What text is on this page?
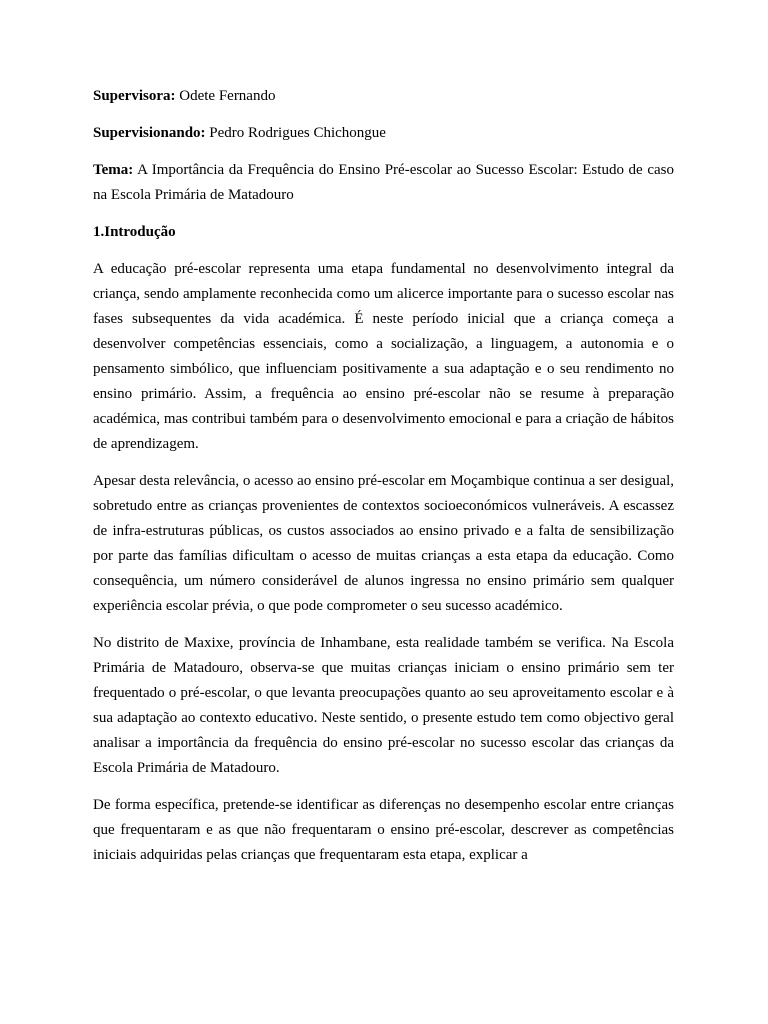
Supervisora: Odete Fernando
Supervisionando: Pedro Rodrigues Chichongue
Tema: A Importância da Frequência do Ensino Pré-escolar ao Sucesso Escolar: Estudo de caso na Escola Primária de Matadouro
1.Introdução

A educação pré-escolar representa uma etapa fundamental no desenvolvimento integral da criança, sendo amplamente reconhecida como um alicerce importante para o sucesso escolar nas fases subsequentes da vida académica. É neste período inicial que a criança começa a desenvolver competências essenciais, como a socialização, a linguagem, a autonomia e o pensamento simbólico, que influenciam positivamente a sua adaptação e o seu rendimento no ensino primário. Assim, a frequência ao ensino pré-escolar não se resume à preparação académica, mas contribui também para o desenvolvimento emocional e para a criação de hábitos de aprendizagem.

Apesar desta relevância, o acesso ao ensino pré-escolar em Moçambique continua a ser desigual, sobretudo entre as crianças provenientes de contextos socioeconómicos vulneráveis. A escassez de infra-estruturas públicas, os custos associados ao ensino privado e a falta de sensibilização por parte das famílias dificultam o acesso de muitas crianças a esta etapa da educação. Como consequência, um número considerável de alunos ingressa no ensino primário sem qualquer experiência escolar prévia, o que pode comprometer o seu sucesso académico.

No distrito de Maxixe, província de Inhambane, esta realidade também se verifica. Na Escola Primária de Matadouro, observa-se que muitas crianças iniciam o ensino primário sem ter frequentado o pré-escolar, o que levanta preocupações quanto ao seu aproveitamento escolar e à sua adaptação ao contexto educativo. Neste sentido, o presente estudo tem como objectivo geral analisar a importância da frequência do ensino pré-escolar no sucesso escolar das crianças da Escola Primária de Matadouro.

De forma específica, pretende-se identificar as diferenças no desempenho escolar entre crianças que frequentaram e as que não frequentaram o ensino pré-escolar, descrever as competências iniciais adquiridas pelas crianças que frequentaram esta etapa, explicar a
